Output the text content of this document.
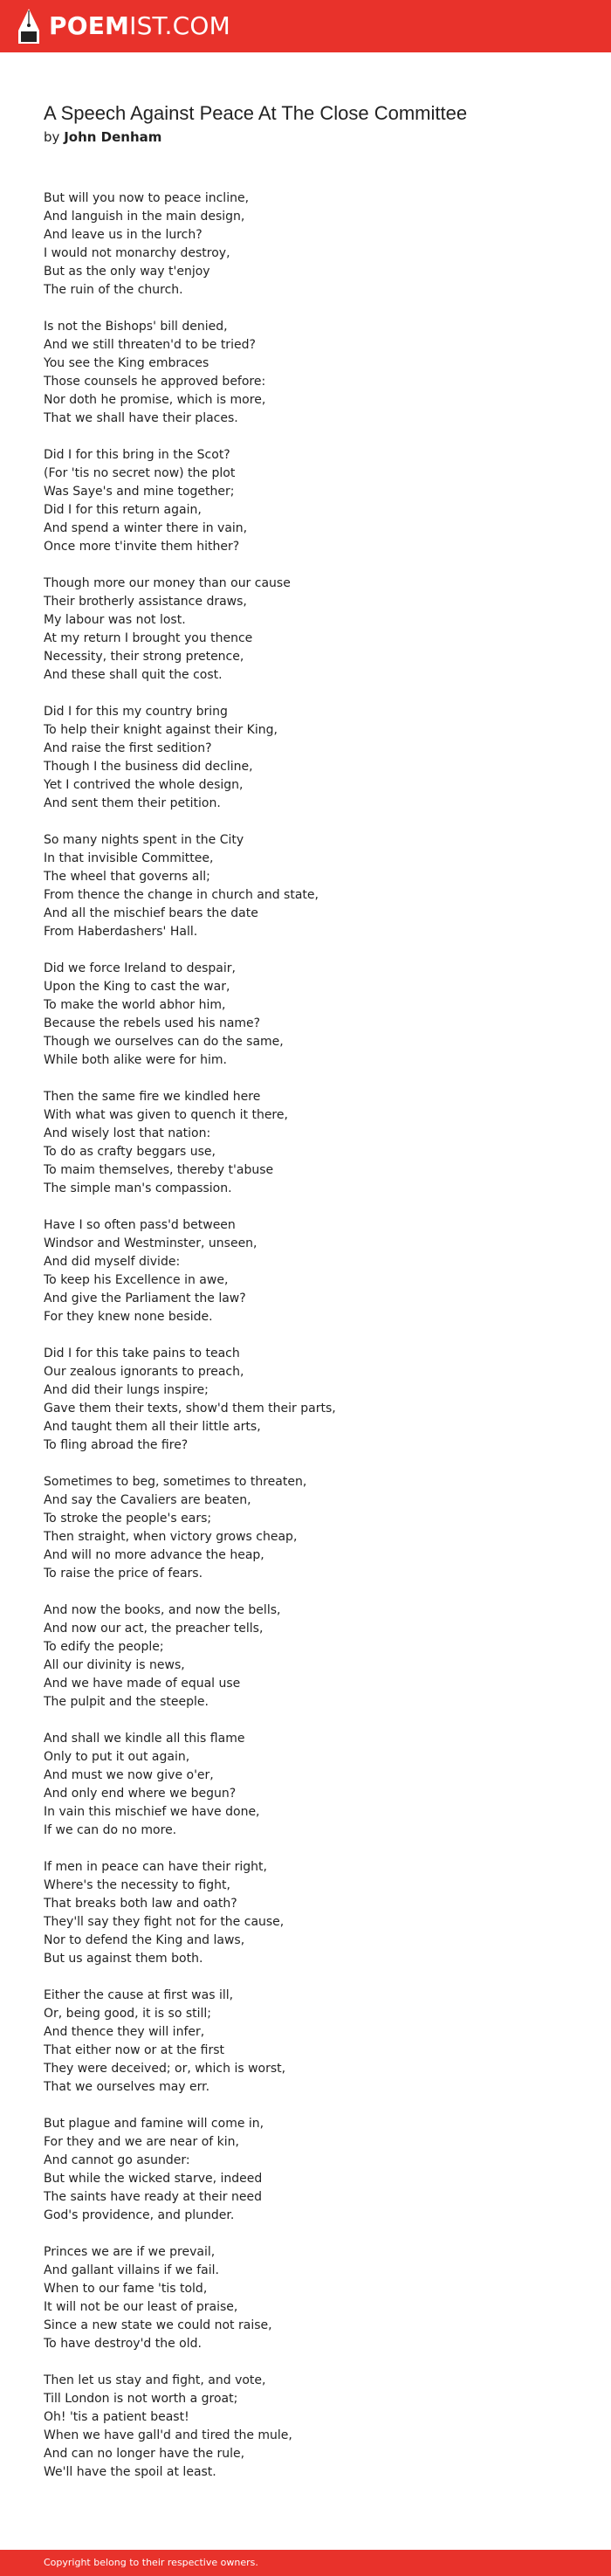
POEMIST.COM
A Speech Against Peace At The Close Committee
by John Denham
But will you now to peace incline,
And languish in the main design,
And leave us in the lurch?
I would not monarchy destroy,
But as the only way t'enjoy
The ruin of the church.
Is not the Bishops' bill denied,
And we still threaten'd to be tried?
You see the King embraces
Those counsels he approved before:
Nor doth he promise, which is more,
That we shall have their places.
Did I for this bring in the Scot?
(For 'tis no secret now) the plot
Was Saye's and mine together;
Did I for this return again,
And spend a winter there in vain,
Once more t'invite them hither?
Though more our money than our cause
Their brotherly assistance draws,
My labour was not lost.
At my return I brought you thence
Necessity, their strong pretence,
And these shall quit the cost.
Did I for this my country bring
To help their knight against their King,
And raise the first sedition?
Though I the business did decline,
Yet I contrived the whole design,
And sent them their petition.
So many nights spent in the City
In that invisible Committee,
The wheel that governs all;
From thence the change in church and state,
And all the mischief bears the date
From Haberdashers' Hall.
Did we force Ireland to despair,
Upon the King to cast the war,
To make the world abhor him,
Because the rebels used his name?
Though we ourselves can do the same,
While both alike were for him.
Then the same fire we kindled here
With what was given to quench it there,
And wisely lost that nation:
To do as crafty beggars use,
To maim themselves, thereby t'abuse
The simple man's compassion.
Have I so often pass'd between
Windsor and Westminster, unseen,
And did myself divide:
To keep his Excellence in awe,
And give the Parliament the law?
For they knew none beside.
Did I for this take pains to teach
Our zealous ignorants to preach,
And did their lungs inspire;
Gave them their texts, show'd them their parts,
And taught them all their little arts,
To fling abroad the fire?
Sometimes to beg, sometimes to threaten,
And say the Cavaliers are beaten,
To stroke the people's ears;
Then straight, when victory grows cheap,
And will no more advance the heap,
To raise the price of fears.
And now the books, and now the bells,
And now our act, the preacher tells,
To edify the people;
All our divinity is news,
And we have made of equal use
The pulpit and the steeple.
And shall we kindle all this flame
Only to put it out again,
And must we now give o'er,
And only end where we begun?
In vain this mischief we have done,
If we can do no more.
If men in peace can have their right,
Where's the necessity to fight,
That breaks both law and oath?
They'll say they fight not for the cause,
Nor to defend the King and laws,
But us against them both.
Either the cause at first was ill,
Or, being good, it is so still;
And thence they will infer,
That either now or at the first
They were deceived; or, which is worst,
That we ourselves may err.
But plague and famine will come in,
For they and we are near of kin,
And cannot go asunder:
But while the wicked starve, indeed
The saints have ready at their need
God's providence, and plunder.
Princes we are if we prevail,
And gallant villains if we fail.
When to our fame 'tis told,
It will not be our least of praise,
Since a new state we could not raise,
To have destroy'd the old.
Then let us stay and fight, and vote,
Till London is not worth a groat;
Oh! 'tis a patient beast!
When we have gall'd and tired the mule,
And can no longer have the rule,
We'll have the spoil at least.
Copyright belong to their respective owners.
